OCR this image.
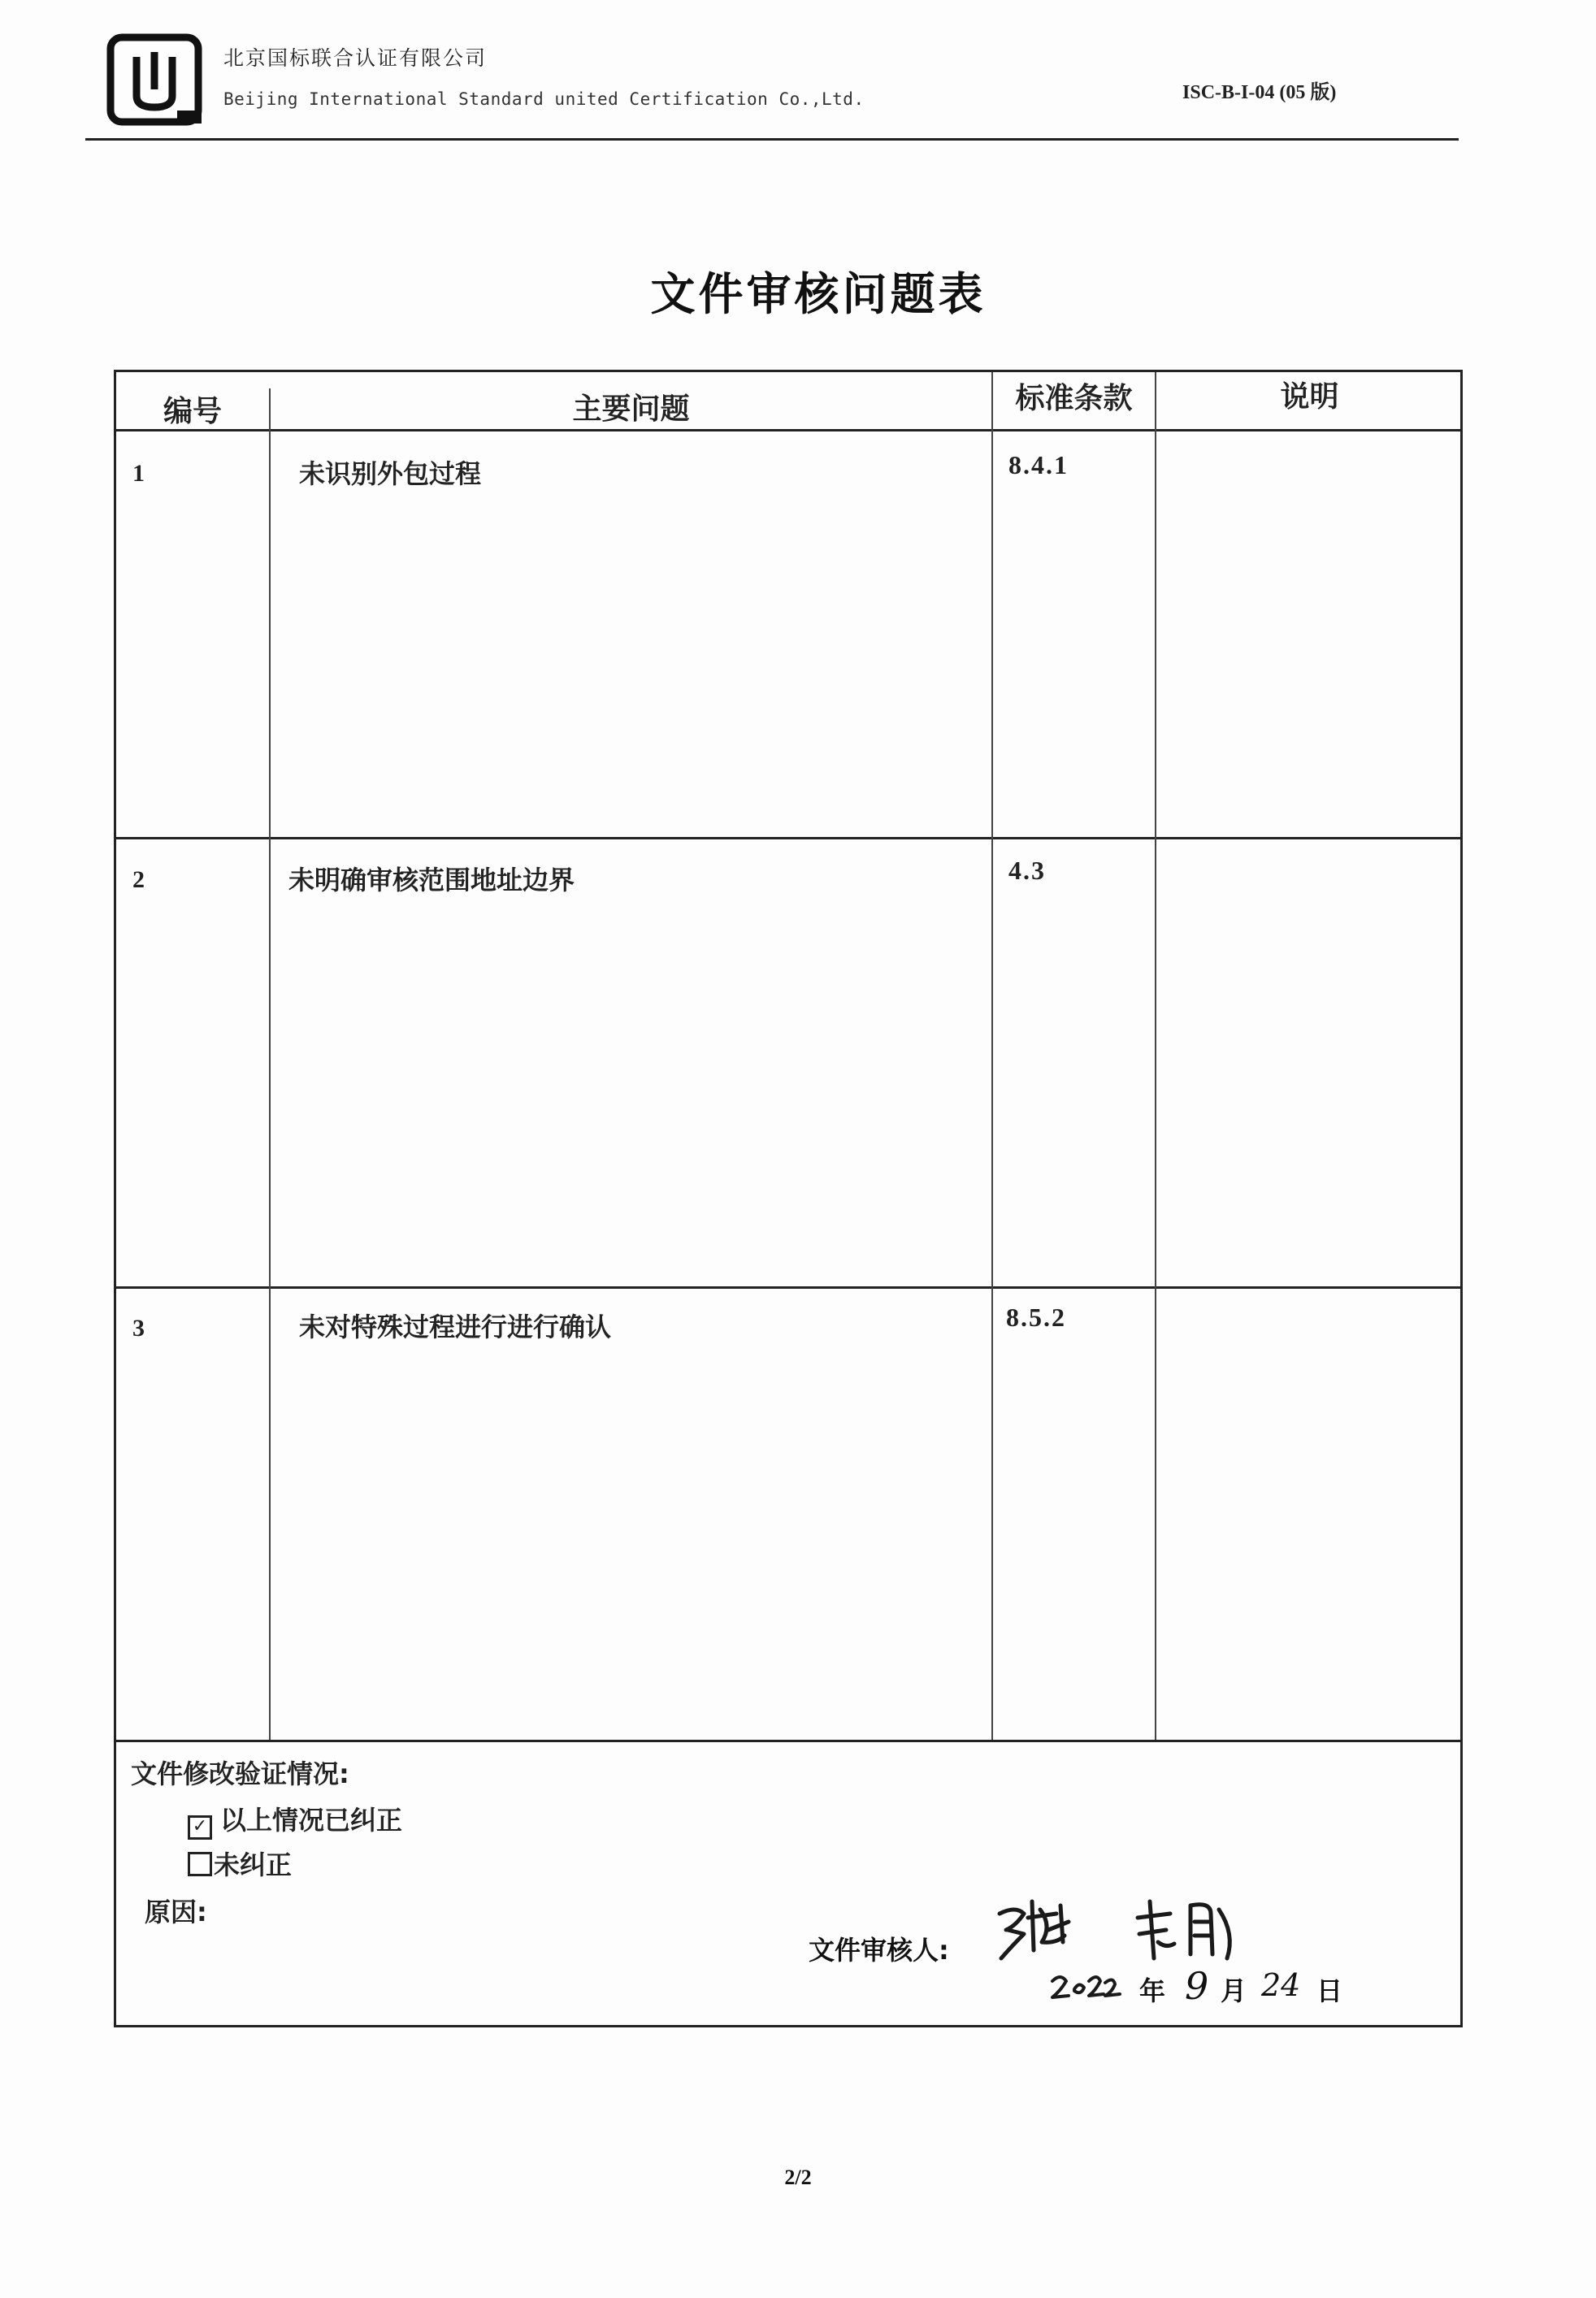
北京国标联合认证有限公司
Beijing International Standard united Certification Co.,Ltd.	ISC-B-I-04 (05 版)
文件审核问题表
编号	主要问题	标准条款	说明
1	未识别外包过程	8.4.1
2	未明确审核范围地址边界	4.3
3	未对特殊过程进行进行确认	8.5.2
文件修改验证情况:
✓ 以上情况已纠正
未纠正
原因:
文件审核人:
年 9 月 24 日
2/2
